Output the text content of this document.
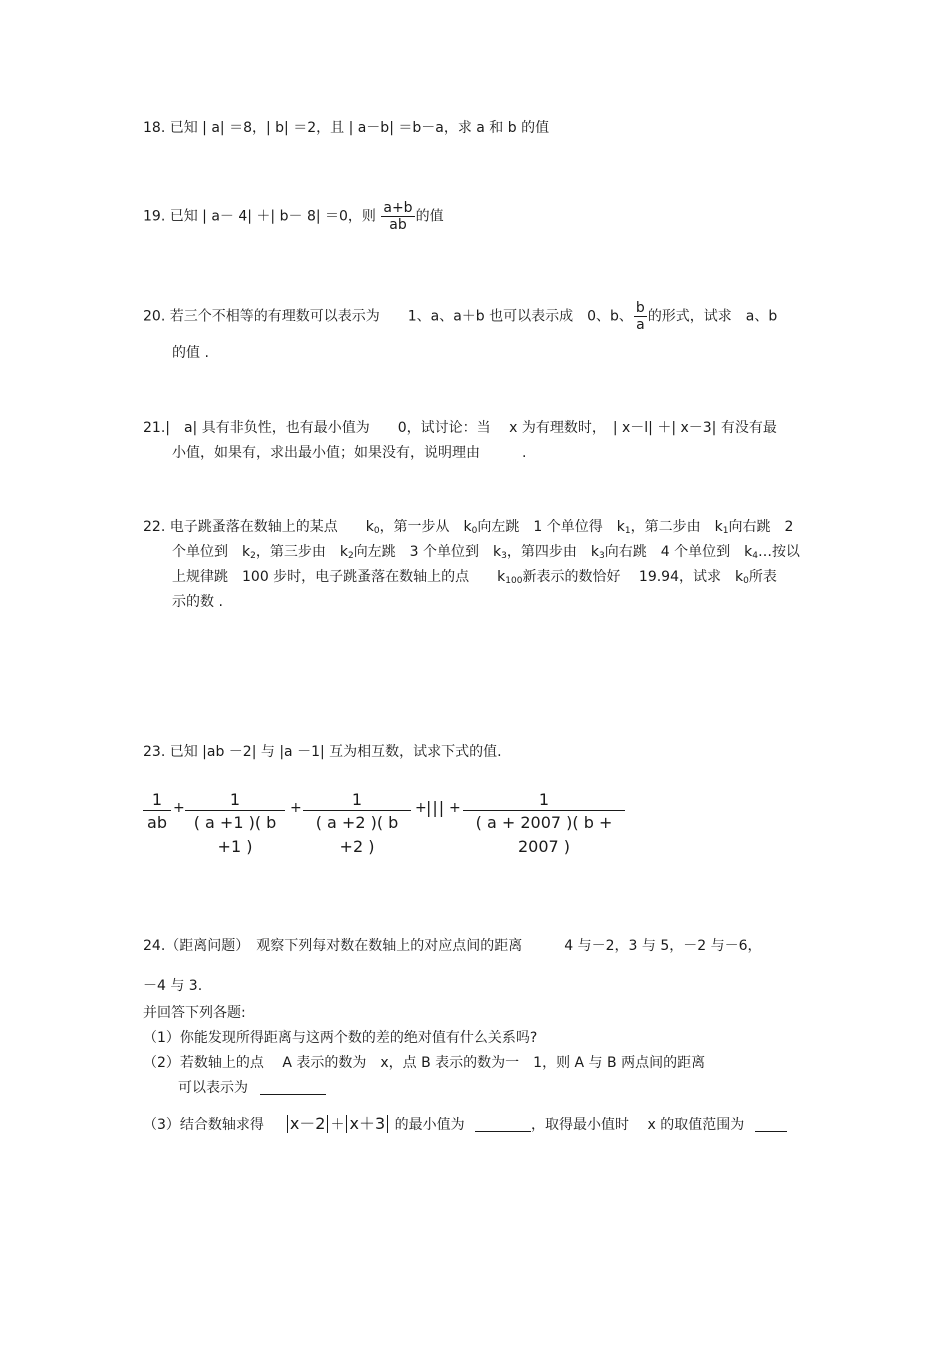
18. 已知 | a| ＝8，| b| ＝2，且 | a－b| ＝b－a，求 a 和 b 的值
19. 已知 | a－ 4| ＋| b－ 8| ＝0，则 $\frac{a+b}{ab}$ 的值
20. 若三个不相等的有理数可以表示为　　1、a、a＋b 也可以表示成　0、b、 $\frac{b}{a}$ 的形式，试求　a、b
的值 .
21.|　a| 具有非负性，也有最小值为　　0，试讨论：当　 x 为有理数时，　| x－l| ＋| x－3| 有没有最
小值，如果有，求出最小值；如果没有，说明理由　　　.
22. 电子跳蚤落在数轴上的某点　　$k_0$，第一步从　$k_0$向左跳　1 个单位得　$k_1$，第二步由　$k_1$向右跳　2
个单位到　$k_2$，第三步由　$k_2$向左跳　3 个单位到　$k_3$，第四步由　$k_3$向右跳　4 个单位到　$k_4\dots$按以
上规律跳　100 步时，电子跳蚤落在数轴上的点　　$k_{100}$新表示的数恰好　 19.94，试求　$k_0$所表
示的数 .
23. 已知 |ab －2| 与 |a －1| 互为相互数，试求下式的值.
$\frac{1}{ab} + \frac{1}{( a +1 )( b +1 )} + \frac{1}{( a +2 )( b +2 )}$ + ||| + $\frac{1}{( a + 2007 )( b + 2007 )}$
24.（距离问题）　观察下列每对数在数轴上的对应点间的距离　　　4 与－2，3 与 5，－2 与－6，
－4 与 3.
并回答下列各题:
（1）你能发现所得距离与这两个数的差的绝对值有什么关系吗?
（2）若数轴上的点　 A 表示的数为　x，点 B 表示的数为一　1，则 A 与 B 两点间的距离
可以表示为
（3）结合数轴求得 x－2 ＋ x＋3 的最小值为	，取得最小值时　 x 的取值范围为
